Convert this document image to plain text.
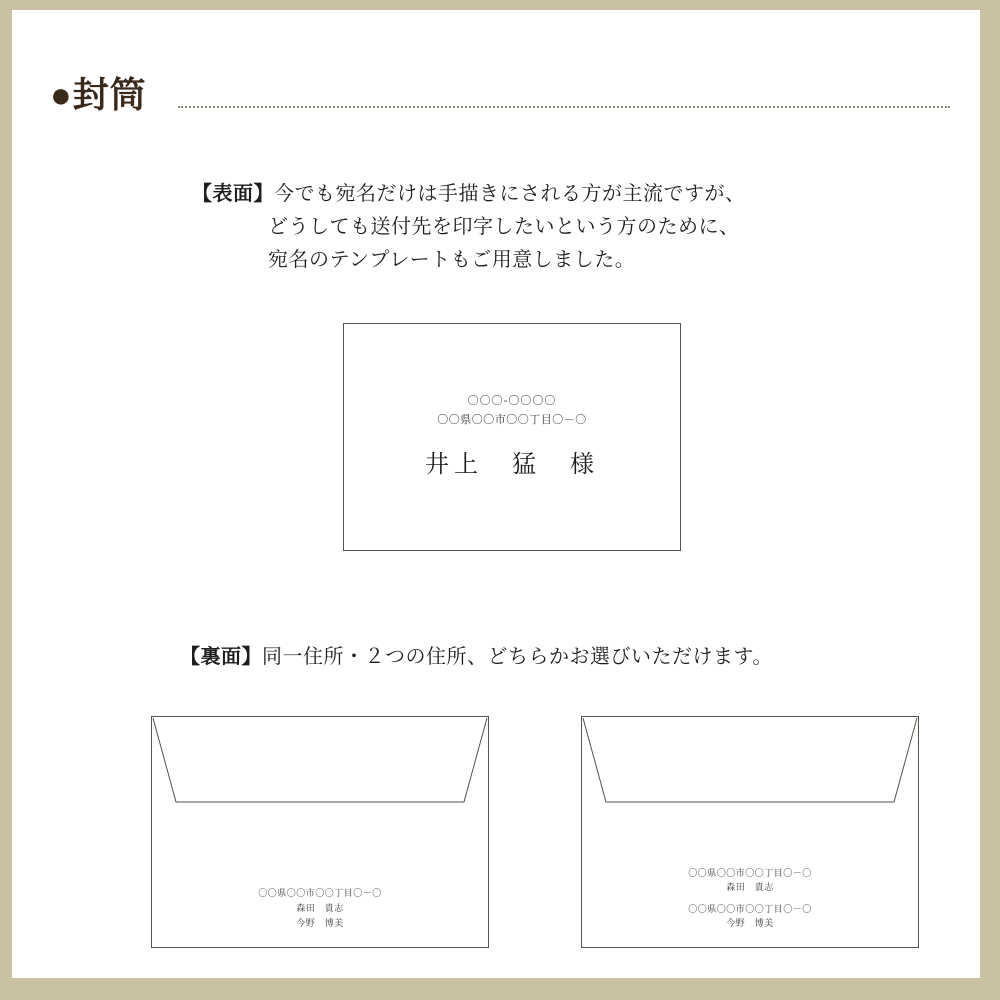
●封筒
【表面】今でも宛名だけは手描きにされる方が主流ですが、
どうしても送付先を印字したいという方のために、
宛名のテンプレートもご用意しました。
〇〇〇-〇〇〇〇
〇〇県〇〇市〇〇丁目〇－〇
井上　猛　様
【裏面】同一住所・２つの住所、どちらかお選びいただけます。
〇〇県〇〇市〇〇丁目〇－〇
森田　貴志
今野　博美
〇〇県〇〇市〇〇丁目〇－〇
森田　貴志
〇〇県〇〇市〇〇丁目〇－〇
今野　博美
